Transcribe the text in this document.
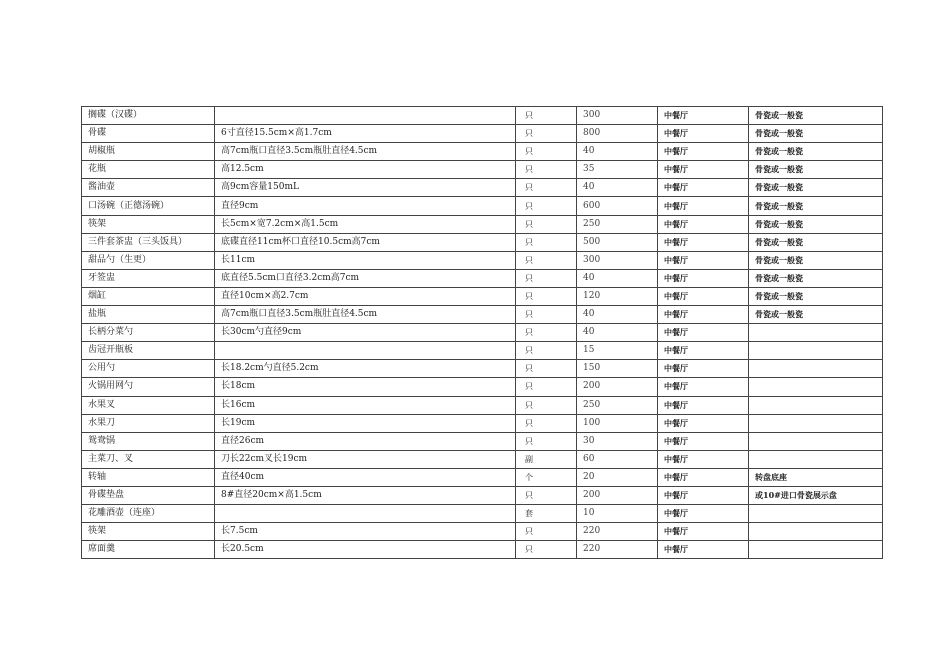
搁碟（汉碟）		只	300	中餐厅	骨瓷或一般瓷
骨碟	6寸直径15.5cm×高1.7cm	只	800	中餐厅	骨瓷或一般瓷
胡椒瓶	高7cm瓶口直径3.5cm瓶肚直径4.5cm	只	40	中餐厅	骨瓷或一般瓷
花瓶	高12.5cm	只	35	中餐厅	骨瓷或一般瓷
酱油壶	高9cm容量150mL	只	40	中餐厅	骨瓷或一般瓷
口汤碗（正德汤碗）	直径9cm	只	600	中餐厅	骨瓷或一般瓷
筷架	长5cm×宽7.2cm×高1.5cm	只	250	中餐厅	骨瓷或一般瓷
三件套茶盅（三头饭具）	底碟直径11cm杯口直径10.5cm高7cm	只	500	中餐厅	骨瓷或一般瓷
甜品勺（生更）	长11cm	只	300	中餐厅	骨瓷或一般瓷
牙签盅	底直径5.5cm口直径3.2cm高7cm	只	40	中餐厅	骨瓷或一般瓷
烟缸	直径10cm×高2.7cm	只	120	中餐厅	骨瓷或一般瓷
盐瓶	高7cm瓶口直径3.5cm瓶肚直径4.5cm	只	40	中餐厅	骨瓷或一般瓷
长柄分菜勺	长30cm勺直径9cm	只	40	中餐厅	
齿冠开瓶板		只	15	中餐厅	
公用勺	长18.2cm勺直径5.2cm	只	150	中餐厅	
火锅用网勺	长18cm	只	200	中餐厅	
水果叉	长16cm	只	250	中餐厅	
水果刀	长19cm	只	100	中餐厅	
鸳鸯锅	直径26cm	只	30	中餐厅	
主菜刀、叉	刀长22cm叉长19cm	副	60	中餐厅	
转轴	直径40cm	个	20	中餐厅	转盘底座
骨碟垫盘	8#直径20cm×高1.5cm	只	200	中餐厅	或10#进口骨瓷展示盘
花雕酒壶（连座）		套	10	中餐厅	
筷架	长7.5cm	只	220	中餐厅	
席面羹	长20.5cm	只	220	中餐厅	
